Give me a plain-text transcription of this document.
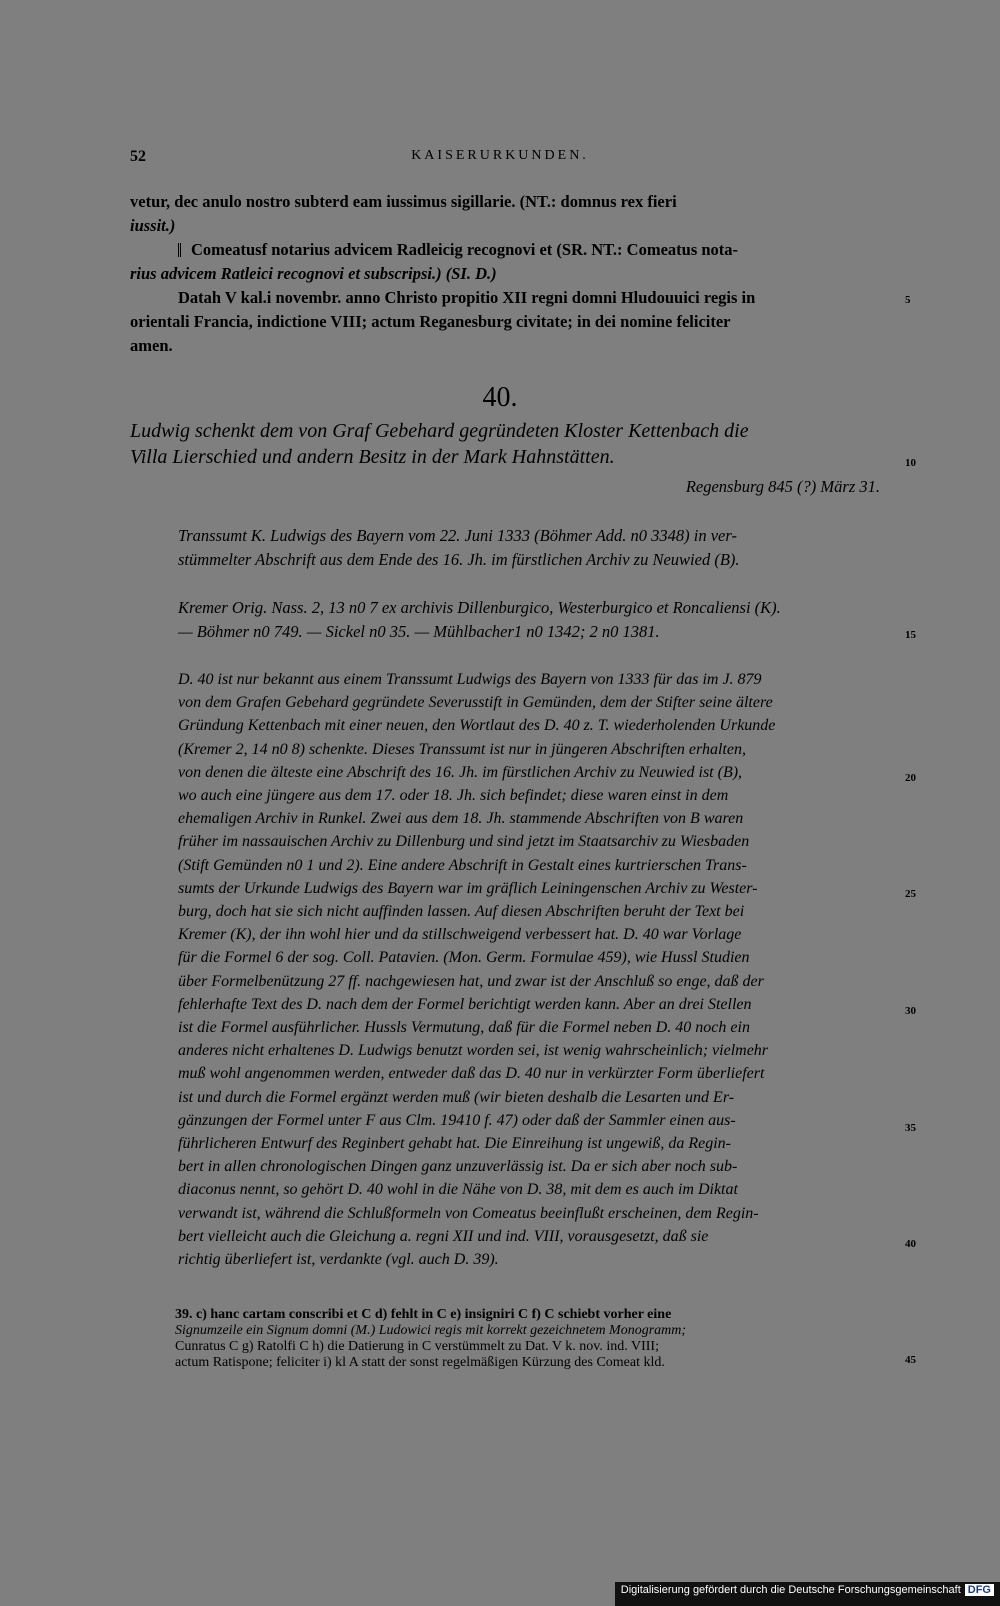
52	KAISERURKUNDEN.
vetur, dec anulo nostro subterd eam iussimus sigillarie. (NT.: domnus rex fieri
iussit.)
Comeatusf notarius advicem Radleicig recognovi et (SR. NT.: Comeatus nota-
rius advicem Ratleici recognovi et subscripsi.) (SI. D.)
Datah V kal.i novembr. anno Christo propitio XII regni domni Hludouuici regis in
orientali Francia, indictione VIII; actum Reganesburg civitate; in dei nomine feliciter
amen.
40.
Ludwig schenkt dem von Graf Gebehard gegründeten Kloster Kettenbach die
Villa Lierschied und andern Besitz in der Mark Hahnstätten.
Regensburg 845 (?) März 31.
Transsumt K. Ludwigs des Bayern vom 22. Juni 1333 (Böhmer Add. n0 3348) in ver-
stümmelter Abschrift aus dem Ende des 16. Jh. im fürstlichen Archiv zu Neuwied (B).
Kremer Orig. Nass. 2, 13 n0 7 ex archivis Dillenburgico, Westerburgico et Roncaliensi (K).
— Böhmer n0 749. — Sickel n0 35. — Mühlbacher1 n0 1342; 2 n0 1381.
D. 40 ist nur bekannt aus einem Transsumt Ludwigs des Bayern von 1333 für das im J. 879
von dem Grafen Gebehard gegründete Severusstift in Gemünden, dem der Stifter seine ältere
Gründung Kettenbach mit einer neuen, den Wortlaut des D. 40 z. T. wiederholenden Urkunde
(Kremer 2, 14 n0 8) schenkte. Dieses Transsumt ist nur in jüngeren Abschriften erhalten,
von denen die älteste eine Abschrift des 16. Jh. im fürstlichen Archiv zu Neuwied ist (B),
wo auch eine jüngere aus dem 17. oder 18. Jh. sich befindet; diese waren einst in dem
ehemaligen Archiv in Runkel. Zwei aus dem 18. Jh. stammende Abschriften von B waren
früher im nassauischen Archiv zu Dillenburg und sind jetzt im Staatsarchiv zu Wiesbaden
(Stift Gemünden n0 1 und 2). Eine andere Abschrift in Gestalt eines kurtrierschen Trans-
sumts der Urkunde Ludwigs des Bayern war im gräflich Leiningenschen Archiv zu Wester-
burg, doch hat sie sich nicht auffinden lassen. Auf diesen Abschriften beruht der Text bei
Kremer (K), der ihn wohl hier und da stillschweigend verbessert hat. D. 40 war Vorlage
für die Formel 6 der sog. Coll. Patavien. (Mon. Germ. Formulae 459), wie Hussl Studien
über Formelbenützung 27 ff. nachgewiesen hat, und zwar ist der Anschluß so enge, daß der
fehlerhafte Text des D. nach dem der Formel berichtigt werden kann. Aber an drei Stellen
ist die Formel ausführlicher. Hussls Vermutung, daß für die Formel neben D. 40 noch ein
anderes nicht erhaltenes D. Ludwigs benutzt worden sei, ist wenig wahrscheinlich; vielmehr
muß wohl angenommen werden, entweder daß das D. 40 nur in verkürzter Form überliefert
ist und durch die Formel ergänzt werden muß (wir bieten deshalb die Lesarten und Er-
gänzungen der Formel unter F aus Clm. 19410 f. 47) oder daß der Sammler einen aus-
führlicheren Entwurf des Reginbert gehabt hat. Die Einreihung ist ungewiß, da Regin-
bert in allen chronologischen Dingen ganz unzuverlässig ist. Da er sich aber noch sub-
diaconus nennt, so gehört D. 40 wohl in die Nähe von D. 38, mit dem es auch im Diktat
verwandt ist, während die Schlußformeln von Comeatus beeinflußt erscheinen, dem Regin-
bert vielleicht auch die Gleichung a. regni XII und ind. VIII, vorausgesetzt, daß sie
richtig überliefert ist, verdankte (vgl. auch D. 39).
39. c) hanc cartam conscribi et C d) fehlt in C e) insigniri C f) C schiebt vorher eine
Signumzeile ein Signum domni (M.) Ludowici regis mit korrekt gezeichnetem Monogramm;
Cunratus C g) Ratolfi C h) die Datierung in C verstümmelt zu Dat. V k. nov. ind. VIII;
actum Ratispone; feliciter i) kl A statt der sonst regelmäßigen Kürzung des Comeat kld.
5
10
15
20
25
30
35
40
45
Digitalisierung gefördert durch die Deutsche Forschungsgemeinschaft DFG
